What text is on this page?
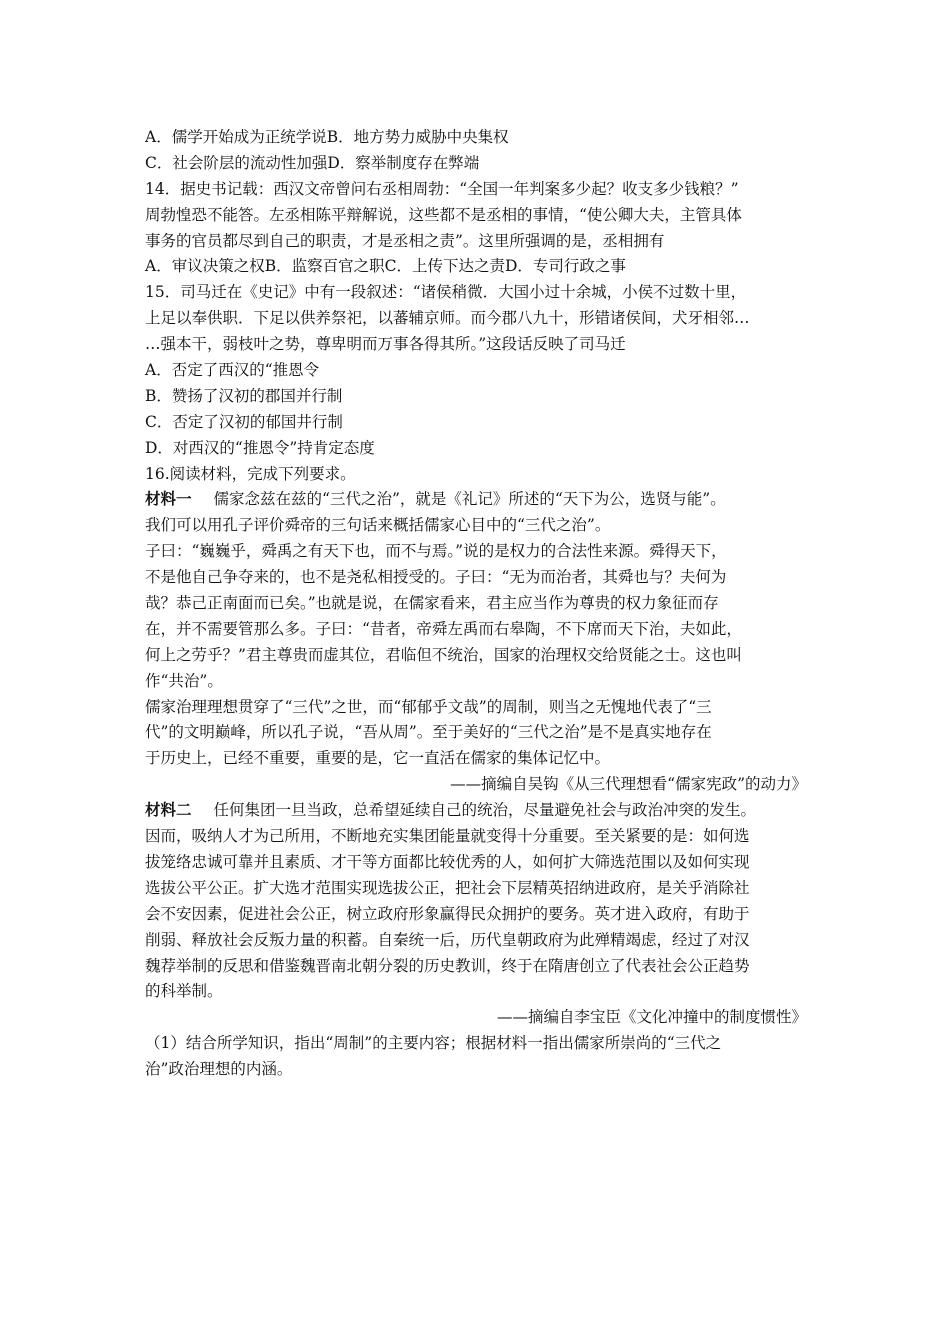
A．儒学开始成为正统学说B．地方势力威胁中央集权
C．社会阶层的流动性加强D．察举制度存在弊端
14．据史书记载：西汉文帝曾问右丞相周勃：“全国一年判案多少起？收支多少钱粮？”
周勃惶恐不能答。左丞相陈平辩解说，这些都不是丞相的事情，“使公卿大夫，主管具体
事务的官员都尽到自己的职责，才是丞相之责”。这里所强调的是，丞相拥有
A．审议决策之权B．监察百官之职C．上传下达之责D．专司行政之事
15．司马迁在《史记》中有一段叙述：“诸侯稍微．大国小过十余城，小侯不过数十里，
上足以奉供职．下足以供养祭祀，以蕃辅京师。而今郡八九十，形错诸侯间，犬牙相邻…
…强本干，弱枝叶之势，尊卑明而万事各得其所。”这段话反映了司马迁
A．否定了西汉的“推恩令
B．赞扬了汉初的郡国并行制
C．否定了汉初的郁国井行制
D．对西汉的“推恩令”持肯定态度
16.阅读材料，完成下列要求。
材料一 儒家念兹在兹的“三代之治”，就是《礼记》所述的“天下为公，选贤与能”。
我们可以用孔子评价舜帝的三句话来概括儒家心目中的“三代之治”。
子曰：“巍巍乎，舜禹之有天下也，而不与焉。”说的是权力的合法性来源。舜得天下，
不是他自己争夺来的，也不是尧私相授受的。子曰：“无为而治者，其舜也与？夫何为
哉？恭己正南面而已矣。”也就是说，在儒家看来，君主应当作为尊贵的权力象征而存
在，并不需要管那么多。子曰：“昔者，帝舜左禹而右皋陶，不下席而天下治，夫如此，
何上之劳乎？”君主尊贵而虚其位，君临但不统治，国家的治理权交给贤能之士。这也叫
作“共治”。
儒家治理理想贯穿了“三代”之世，而“郁郁乎文哉”的周制，则当之无愧地代表了“三
代”的文明巅峰，所以孔子说，“吾从周”。至于美好的“三代之治”是不是真实地存在
于历史上，已经不重要，重要的是，它一直活在儒家的集体记忆中。
——摘编自吴钩《从三代理想看“儒家宪政”的动力》
材料二 任何集团一旦当政，总希望延续自己的统治，尽量避免社会与政治冲突的发生。
因而，吸纳人才为己所用，不断地充实集团能量就变得十分重要。至关紧要的是：如何选
拔笼络忠诚可靠并且素质、才干等方面都比较优秀的人，如何扩大筛选范围以及如何实现
选拔公平公正。扩大选才范围实现选拔公正，把社会下层精英招纳进政府，是关乎消除社
会不安因素，促进社会公正，树立政府形象赢得民众拥护的要务。英才进入政府，有助于
削弱、释放社会反叛力量的积蓄。自秦统一后，历代皇朝政府为此殚精竭虑，经过了对汉
魏荐举制的反思和借鉴魏晋南北朝分裂的历史教训，终于在隋唐创立了代表社会公正趋势
的科举制。
——摘编自李宝臣《文化冲撞中的制度惯性》
（1）结合所学知识，指出“周制”的主要内容；根据材料一指出儒家所崇尚的“三代之
治”政治理想的内涵。
